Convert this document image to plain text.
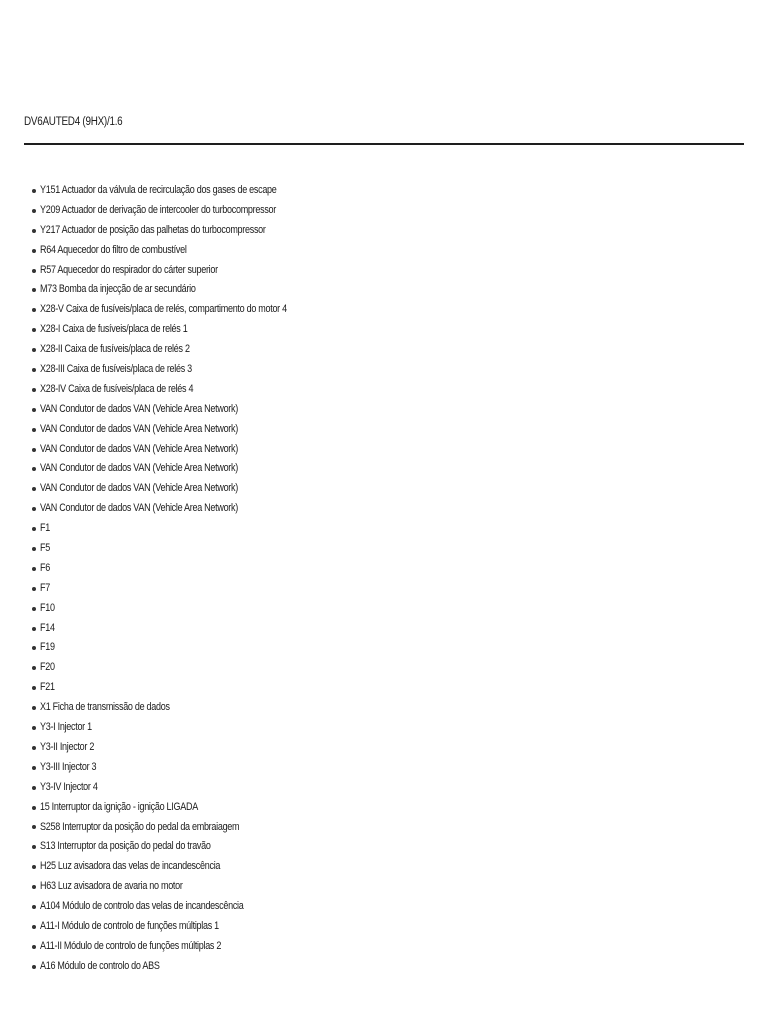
DV6AUTED4 (9HX)/1.6
Y151 Actuador da válvula de recirculação dos gases de escape
Y209 Actuador de derivação de intercooler do turbocompressor
Y217 Actuador de posição das palhetas do turbocompressor
R64 Aquecedor do filtro de combustível
R57 Aquecedor do respirador do cárter superior
M73 Bomba da injecção de ar secundário
X28-V Caixa de fusíveis/placa de relés, compartimento do motor 4
X28-I Caixa de fusíveis/placa de relés 1
X28-II Caixa de fusíveis/placa de relés 2
X28-III Caixa de fusíveis/placa de relés 3
X28-IV Caixa de fusíveis/placa de relés 4
VAN Condutor de dados VAN (Vehicle Area Network)
VAN Condutor de dados VAN (Vehicle Area Network)
VAN Condutor de dados VAN (Vehicle Area Network)
VAN Condutor de dados VAN (Vehicle Area Network)
VAN Condutor de dados VAN (Vehicle Area Network)
VAN Condutor de dados VAN (Vehicle Area Network)
F1
F5
F6
F7
F10
F14
F19
F20
F21
X1 Ficha de transmissão de dados
Y3-I Injector 1
Y3-II Injector 2
Y3-III Injector 3
Y3-IV Injector 4
15 Interruptor da ignição - ignição LIGADA
S258 Interruptor da posição do pedal da embraiagem
S13 Interruptor da posição do pedal do travão
H25 Luz avisadora das velas de incandescência
H63 Luz avisadora de avaria no motor
A104 Módulo de controlo das velas de incandescência
A11-I Módulo de controlo de funções múltiplas 1
A11-II Módulo de controlo de funções múltiplas 2
A16 Módulo de controlo do ABS
